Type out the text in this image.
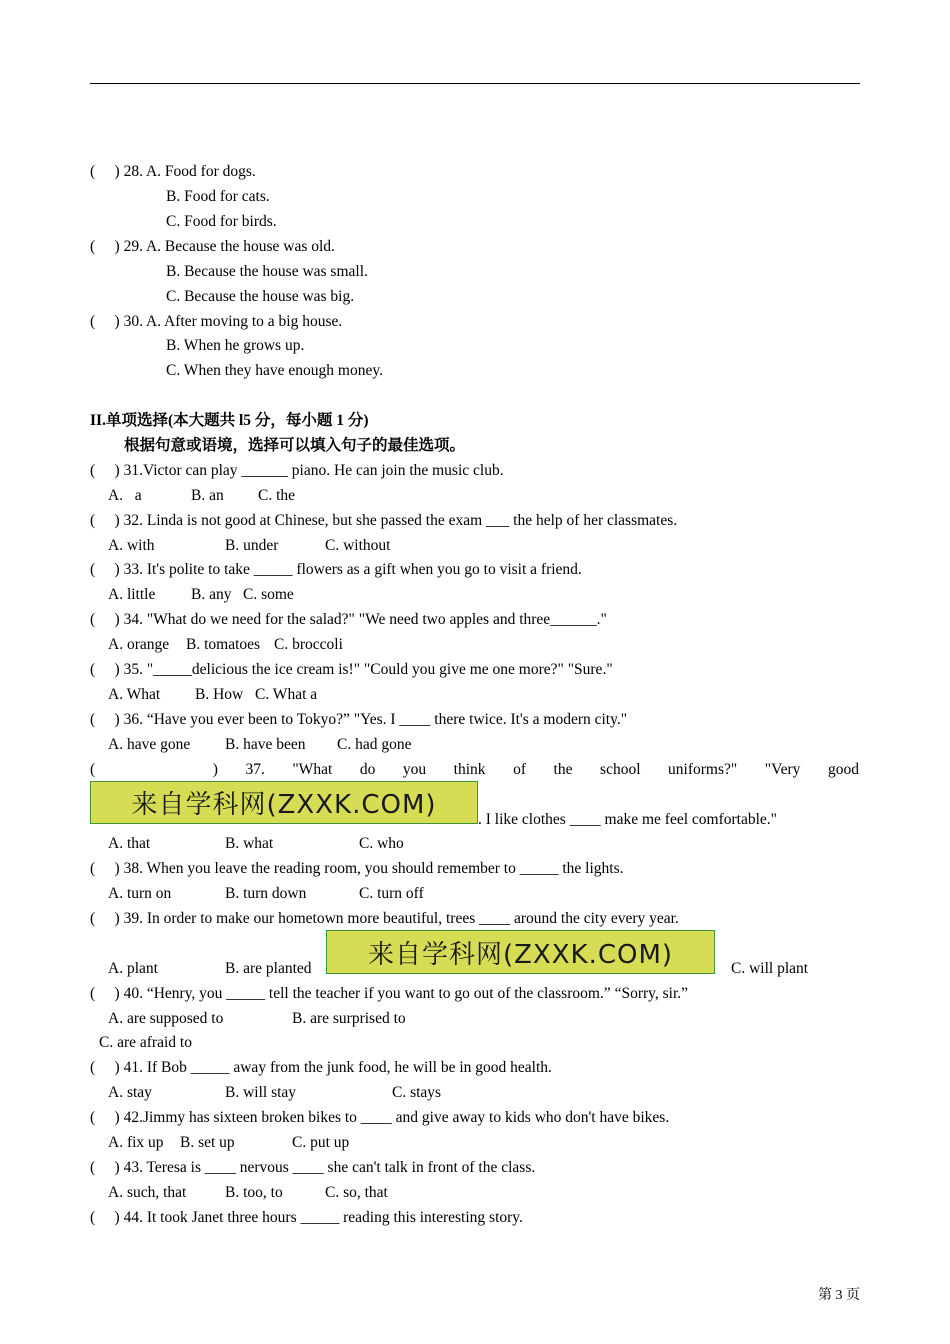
(     ) 28. A. Food for dogs.
B. Food for cats.
C. Food for birds.
(     ) 29. A. Because the house was old.
B. Because the house was small.
C. Because the house was big.
(     ) 30. A. After moving to a big house.
B. When he grows up.
C. When they have enough money.
II.单项选择(本大题共 l5 分，每小题 1 分)
根据句意或语境，选择可以填入句子的最佳选项。
(     ) 31.Victor can play ______ piano. He can join the music club.
A.   a	B. an C. the
(     ) 32. Linda is not good at Chinese, but she passed the exam ___ the help of her classmates.
A. with	B. under	C. without
(     ) 33. It's polite to take _____ flowers as a gift when you go to visit a friend.
A. little B. any C. some
(     ) 34. "What do we need for the salad?" "We need two apples and three______."
A. orange B. tomatoes C. broccoli
(     ) 35. "_____delicious the ice cream is!" "Could you give me one more?" "Sure."
A. What B. How C. What a
(     ) 36. “Have you ever been to Tokyo?” "Yes. I ____ there twice. It's a modern city."
A. have gone B. have been C. had gone
(	) 37. "What do you think of the school uniforms?" "Very good
来自学科网(ZXXK.COM)	. I like clothes ____ make me feel comfortable."
A. that	B. what	C. who
(     ) 38. When you leave the reading room, you should remember to _____ the lights.
A. turn on	B. turn down	C. turn off
(     ) 39. In order to make our hometown more beautiful, trees ____ around the city every year.
A. plant	B. are planted 来自学科网(ZXXK.COM)	C. will plant
(     ) 40. “Henry, you _____ tell the teacher if you want to go out of the classroom.” “Sorry, sir.”
A. are supposed to	B. are surprised to
C. are afraid to
(     ) 41. If Bob _____ away from the junk food, he will be in good health.
A. stay	B. will stay	C. stays
(     ) 42.Jimmy has sixteen broken bikes to ____ and give away to kids who don't have bikes.
A. fix up B. set up	C. put up
(     ) 43. Teresa is ____ nervous ____ she can't talk in front of the class.
A. such, that B. too, to	C. so, that
(     ) 44. It took Janet three hours _____ reading this interesting story.
第 3 页
